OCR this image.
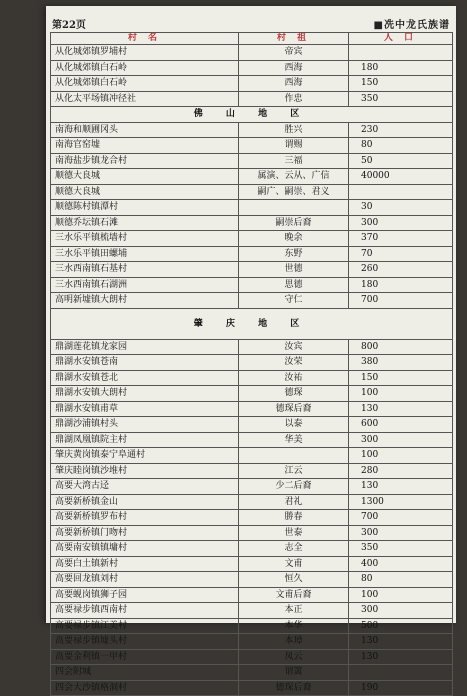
第22页	■冼中龙氏族谱
村 名	村 祖	人 口
从化城郊镇罗埔村	帝宾	
从化城郊镇白石岭	西海	180
从化城郊镇白石岭	西海	150
从化太平场镇冲径社	作忠	350
佛 山 地 区		
南海和顺圃冈头	胜兴	230
南海官窑墟	谓赐	80
南海盐步镇龙合村	三福	50
顺德大良城	属演、云从、广信	40000
顺德大良城	嗣广、嗣崇、君义	
顺德陈村镇潭村		30
顺德乔坛镇石滩	嗣崇后裔	300
三水乐平镇梳墙村	晚余	370
三水乐平镇田螺埔	东野	70
三水西南镇石基村	世德	260
三水西南镇石湖洲	思德	180
高明新墟镇大朗村	守仁	700
肇 庆 地 区		
鼎湖莲花镇龙家园	汝宾	800
鼎湖水安镇苍南	汝荣	380
鼎湖水安镇苍北	汝祐	150
鼎湖水安镇大朗村	德琛	100
鼎湖水安镇甫草	德琛后裔	130
鼎湖沙浦镇村头	以泰	600
鼎湖凤凰镇院主村	华美	300
肇庆黄岗镇泰宁阜通村		100
肇庆睦岗镇沙堆村	江云	280
高要大湾古迳	少二后裔	130
高要新桥镇金山	君礼	1300
高要新桥镇罗布村	勝春	700
高要新桥镇门吻村	世泰	300
高要南安镇镇墉村	志全	350
高要白土镇新村	文甫	400
高要回龙镇刘村	恒久	80
高要蚬岗镇狮子园	文甫后裔	100
高要禄步镇西南村	本正	300
高要禄步镇江美村	本华	500
高要禄步镇墟头村	本璋	130
高要金利镇一甲村	凤云	130
四会附城	谓篱	
四会大沙镇格洞村	德琛后裔	190
